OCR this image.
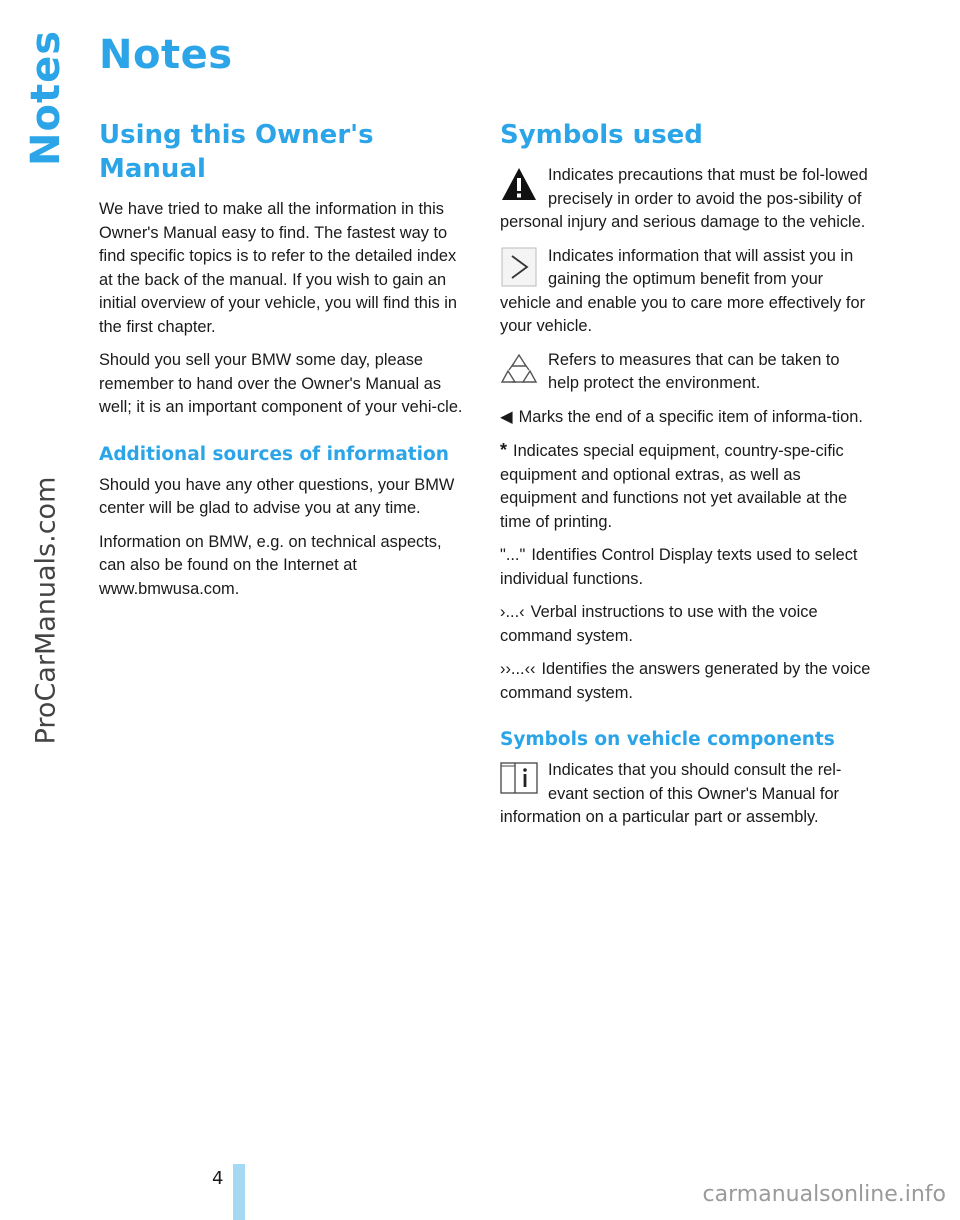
Notes
ProCarManuals.com
Notes
Using this Owner's Manual

We have tried to make all the information in this Owner's Manual easy to find. The fastest way to find specific topics is to refer to the detailed index at the back of the manual. If you wish to gain an initial overview of your vehicle, you will find this in the first chapter.

Should you sell your BMW some day, please remember to hand over the Owner's Manual as well; it is an important component of your vehi-cle.

Additional sources of information

Should you have any other questions, your BMW center will be glad to advise you at any time.

Information on BMW, e.g. on technical aspects, can also be found on the Internet at www.bmwusa.com.

Symbols used
Indicates precautions that must be fol-lowed precisely in order to avoid the pos-sibility of personal injury and serious damage to the vehicle.
Indicates information that will assist you in gaining the optimum benefit from your vehicle and enable you to care more effectively for your vehicle.
Refers to measures that can be taken to help protect the environment.

◀ Marks the end of a specific item of informa-tion.

* Indicates special equipment, country-spe-cific equipment and optional extras, as well as equipment and functions not yet available at the time of printing.

"..." Identifies Control Display texts used to select individual functions.

›...‹ Verbal instructions to use with the voice command system.

››...‹‹ Identifies the answers generated by the voice command system.

Symbols on vehicle components
Indicates that you should consult the rel-evant section of this Owner's Manual for information on a particular part or assembly.
4
carmanualsonline.info
